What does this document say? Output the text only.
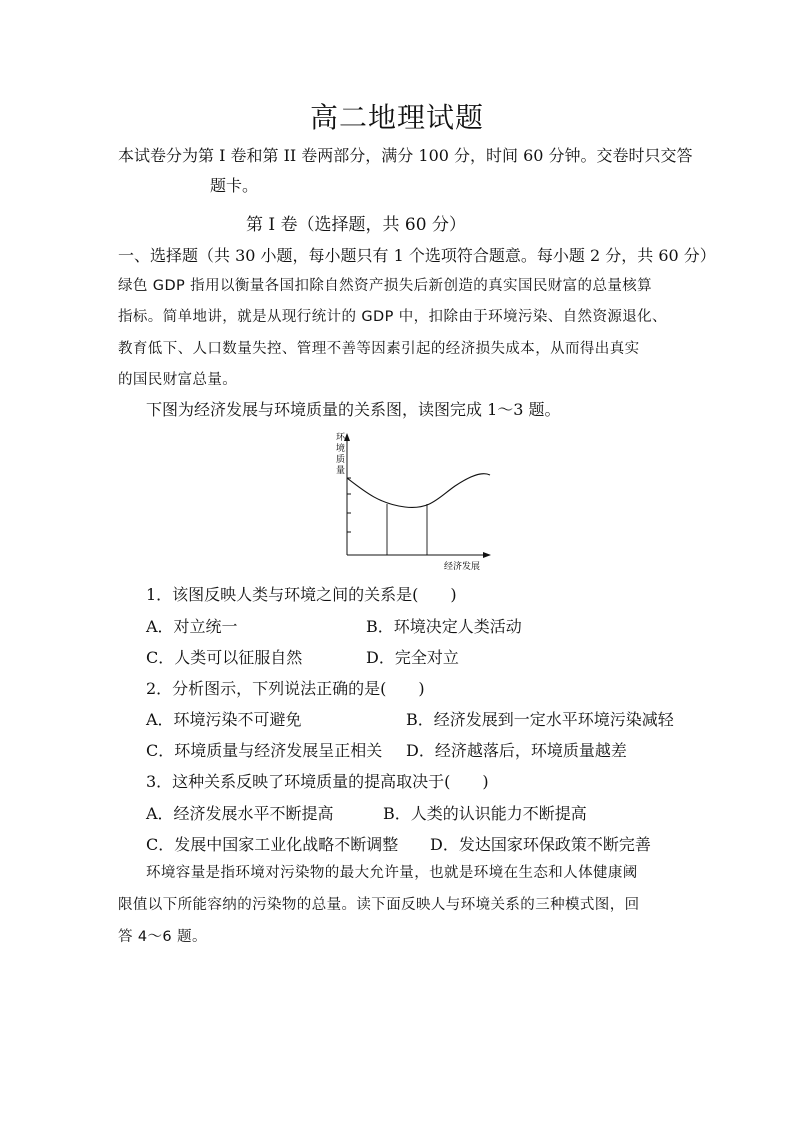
高二地理试题
本试卷分为第 I 卷和第 II 卷两部分，满分 100 分，时间 60 分钟。交卷时只交答
题卡。
第 I 卷（选择题，共 60 分）
一、选择题（共 30 小题，每小题只有 1 个选项符合题意。每小题 2 分，共 60 分）
绿色 GDP 指用以衡量各国扣除自然资产损失后新创造的真实国民财富的总量核算
指标。简单地讲，就是从现行统计的 GDP 中，扣除由于环境污染、自然资源退化、
教育低下、人口数量失控、管理不善等因素引起的经济损失成本，从而得出真实
的国民财富总量。
下图为经济发展与环境质量的关系图，读图完成 1～3 题。
环
境
质
量
经济发展
1．该图反映人类与环境之间的关系是(　　)
A．对立统一	B．环境决定人类活动
C．人类可以征服自然	D．完全对立
2．分析图示，下列说法正确的是(　　)
A．环境污染不可避免	B．经济发展到一定水平环境污染减轻
C．环境质量与经济发展呈正相关 D．经济越落后，环境质量越差
3．这种关系反映了环境质量的提高取决于(　　)
A．经济发展水平不断提高	B．人类的认识能力不断提高
C．发展中国家工业化战略不断调整 D．发达国家环保政策不断完善
环境容量是指环境对污染物的最大允许量，也就是环境在生态和人体健康阈
限值以下所能容纳的污染物的总量。读下面反映人与环境关系的三种模式图，回
答 4～6 题。
